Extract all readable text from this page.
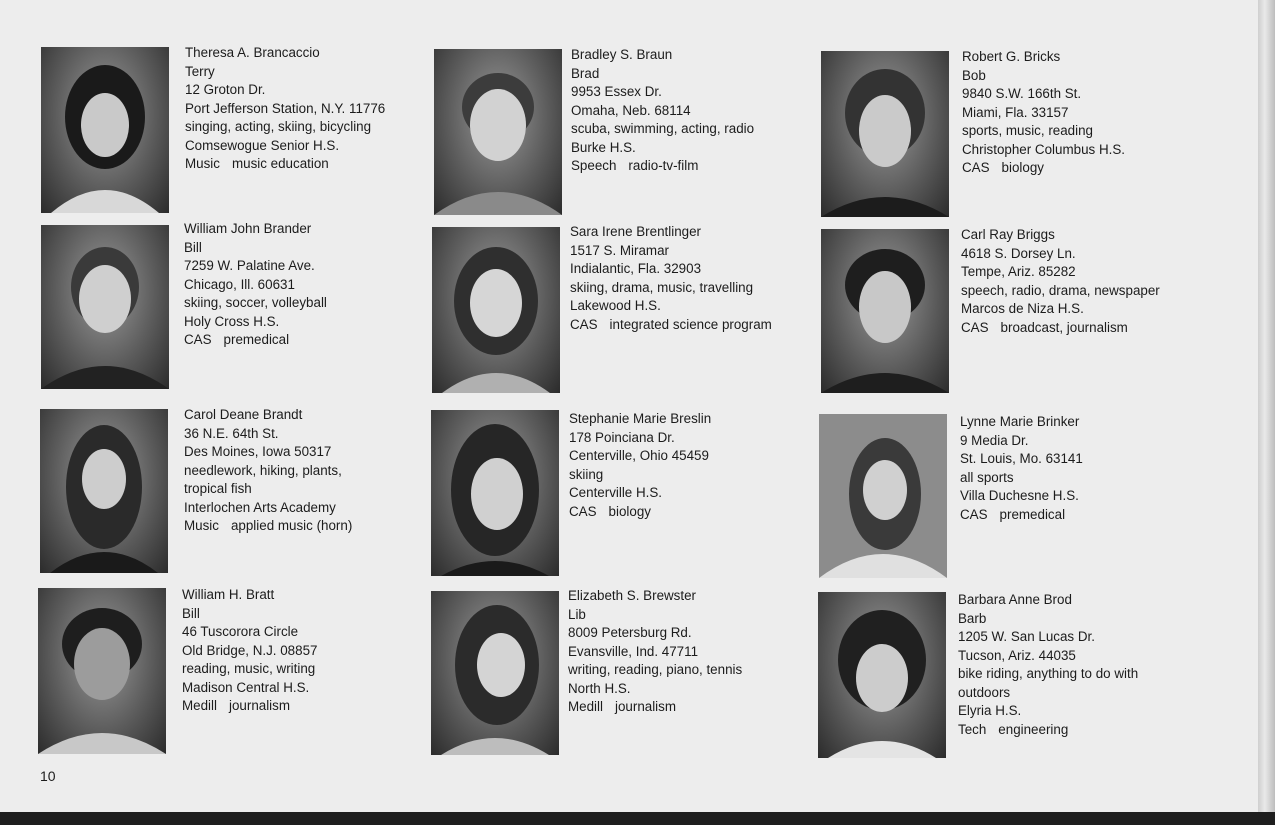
Theresa A. Brancaccio
Terry
12 Groton Dr.
Port Jefferson Station, N.Y. 11776
singing, acting, skiing, bicycling
Comsewogue Senior H.S.
Music music education
William John Brander
Bill
7259 W. Palatine Ave.
Chicago, Ill. 60631
skiing, soccer, volleyball
Holy Cross H.S.
CAS premedical
Carol Deane Brandt
36 N.E. 64th St.
Des Moines, Iowa 50317
needlework, hiking, plants,
tropical fish
Interlochen Arts Academy
Music applied music (horn)
William H. Bratt
Bill
46 Tuscorora Circle
Old Bridge, N.J. 08857
reading, music, writing
Madison Central H.S.
Medill journalism
Bradley S. Braun
Brad
9953 Essex Dr.
Omaha, Neb. 68114
scuba, swimming, acting, radio
Burke H.S.
Speech radio-tv-film
Sara Irene Brentlinger
1517 S. Miramar
Indialantic, Fla. 32903
skiing, drama, music, travelling
Lakewood H.S.
CAS integrated science program
Stephanie Marie Breslin
178 Poinciana Dr.
Centerville, Ohio 45459
skiing
Centerville H.S.
CAS biology
Elizabeth S. Brewster
Lib
8009 Petersburg Rd.
Evansville, Ind. 47711
writing, reading, piano, tennis
North H.S.
Medill journalism
Robert G. Bricks
Bob
9840 S.W. 166th St.
Miami, Fla. 33157
sports, music, reading
Christopher Columbus H.S.
CAS biology
Carl Ray Briggs
4618 S. Dorsey Ln.
Tempe, Ariz. 85282
speech, radio, drama, newspaper
Marcos de Niza H.S.
CAS broadcast, journalism
Lynne Marie Brinker
9 Media Dr.
St. Louis, Mo. 63141
all sports
Villa Duchesne H.S.
CAS premedical
Barbara Anne Brod
Barb
1205 W. San Lucas Dr.
Tucson, Ariz. 44035
bike riding, anything to do with
outdoors
Elyria H.S.
Tech engineering
10
